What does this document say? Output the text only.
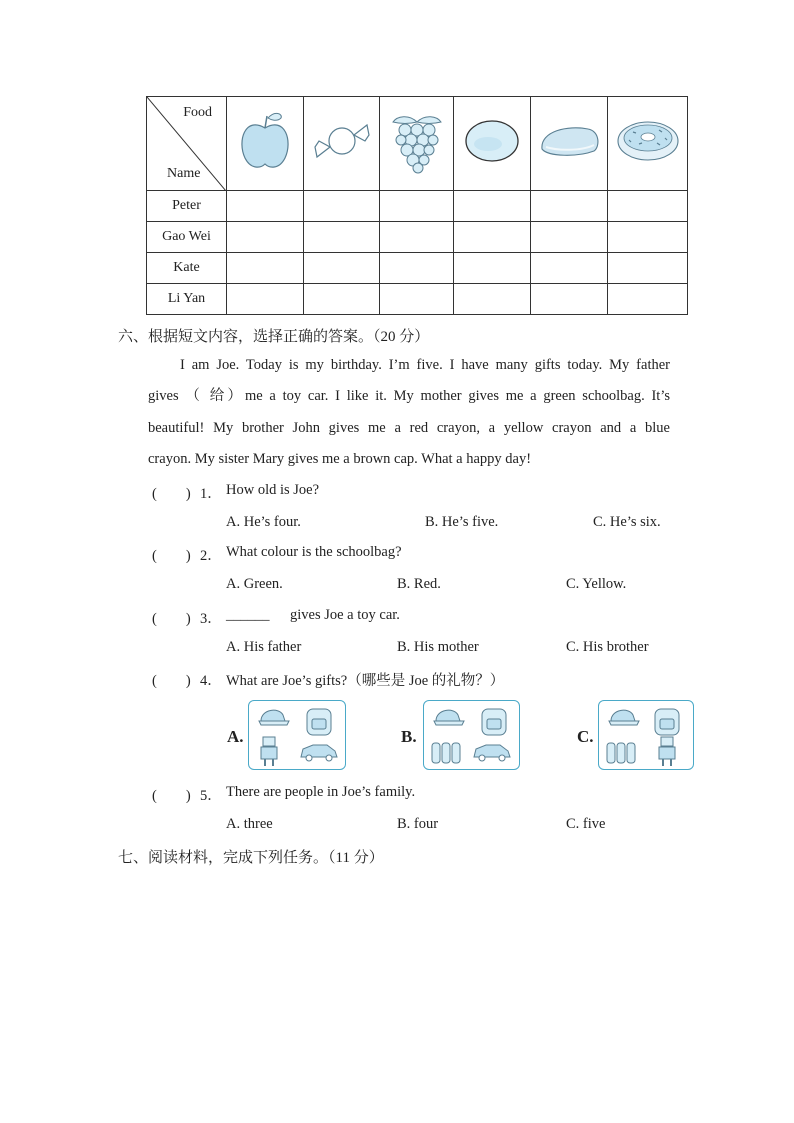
Food
Name

Peter						
Gao Wei						
Kate						
Li Yan						
六、根据短文内容，选择正确的答案。（20 分）
I am Joe. Today is my birthday. I’m five. I have many gifts today. My father
gives （ 给）me a toy car. I like it. My mother gives me a green schoolbag. It’s
beautiful! My brother John gives me a red crayon, a yellow crayon and a blue
crayon. My sister Mary gives me a brown cap. What a happy day!
(　　) 1． How old is Joe?
A. He’s four.	B. He’s five.	C. He’s six.
(　　) 2． What colour is the schoolbag?
A. Green.	B. Red.	C. Yellow.
(　　) 3． ______ gives Joe a toy car.
A. His father	B. His mother	C. His brother
(　　) 4． What are Joe’s gifts?（哪些是 Joe 的礼物？）
A.	B.	C.
(　　) 5． There are people in Joe’s family.
A. three	B. four	C. five
七、阅读材料，完成下列任务。（11 分）
